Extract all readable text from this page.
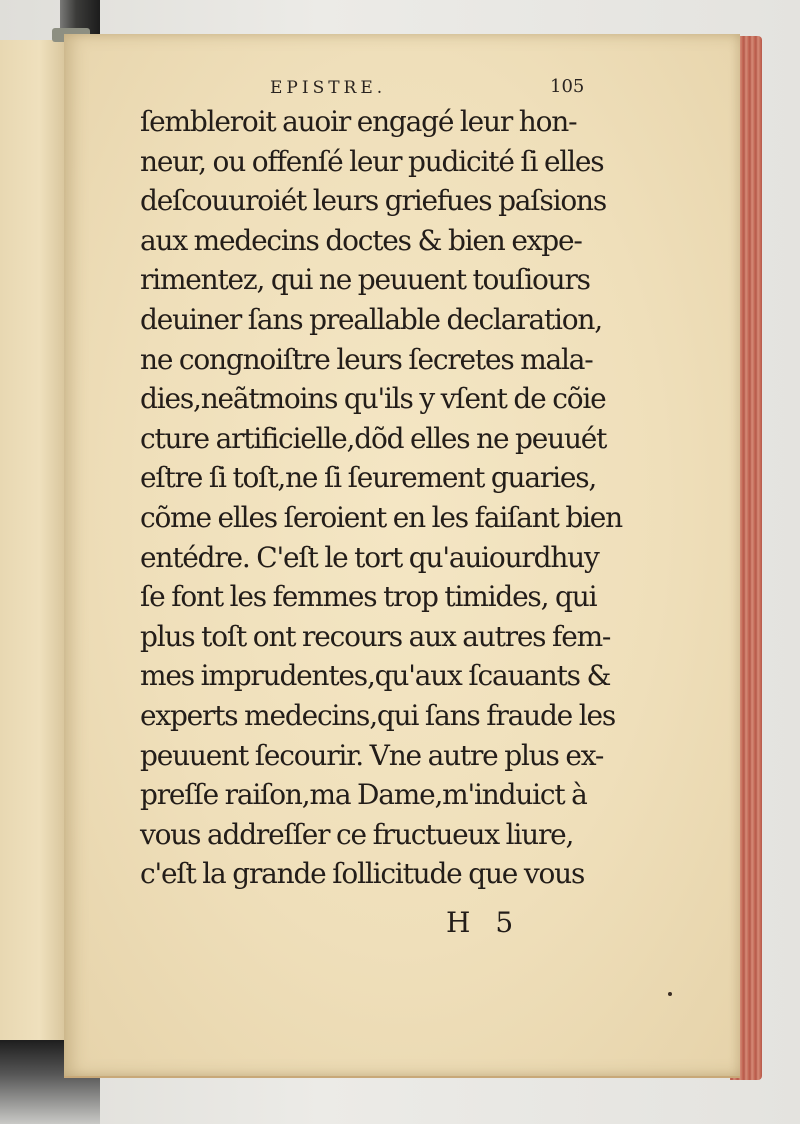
EPISTRE.	105
ſembleroit auoir engagé leur hon-
neur, ou offenſé leur pudicité ſi elles
deſcouuroiét leurs griefues paſsions
aux medecins doctes & bien expe-
rimentez, qui ne peuuent touſiours
deuiner ſans preallable declaration,
ne congnoiſtre leurs ſecretes mala-
dies,neãtmoins qu'ils y vſent de cõie
cture artificielle,dõd elles ne peuuét
eſtre ſi toſt,ne ſi ſeurement guaries,
cõme elles ſeroient en les faiſant bien
entédre. C'eſt le tort qu'auiourdhuy
ſe font les femmes trop timides, qui
plus toſt ont recours aux autres fem-
mes imprudentes,qu'aux ſcauants &
experts medecins,qui ſans fraude les
peuuent ſecourir. Vne autre plus ex-
preſſe raiſon,ma Dame,m'induict à
vous addreſſer ce fructueux liure,
c'eſt la grande ſollicitude que vous
H 5
